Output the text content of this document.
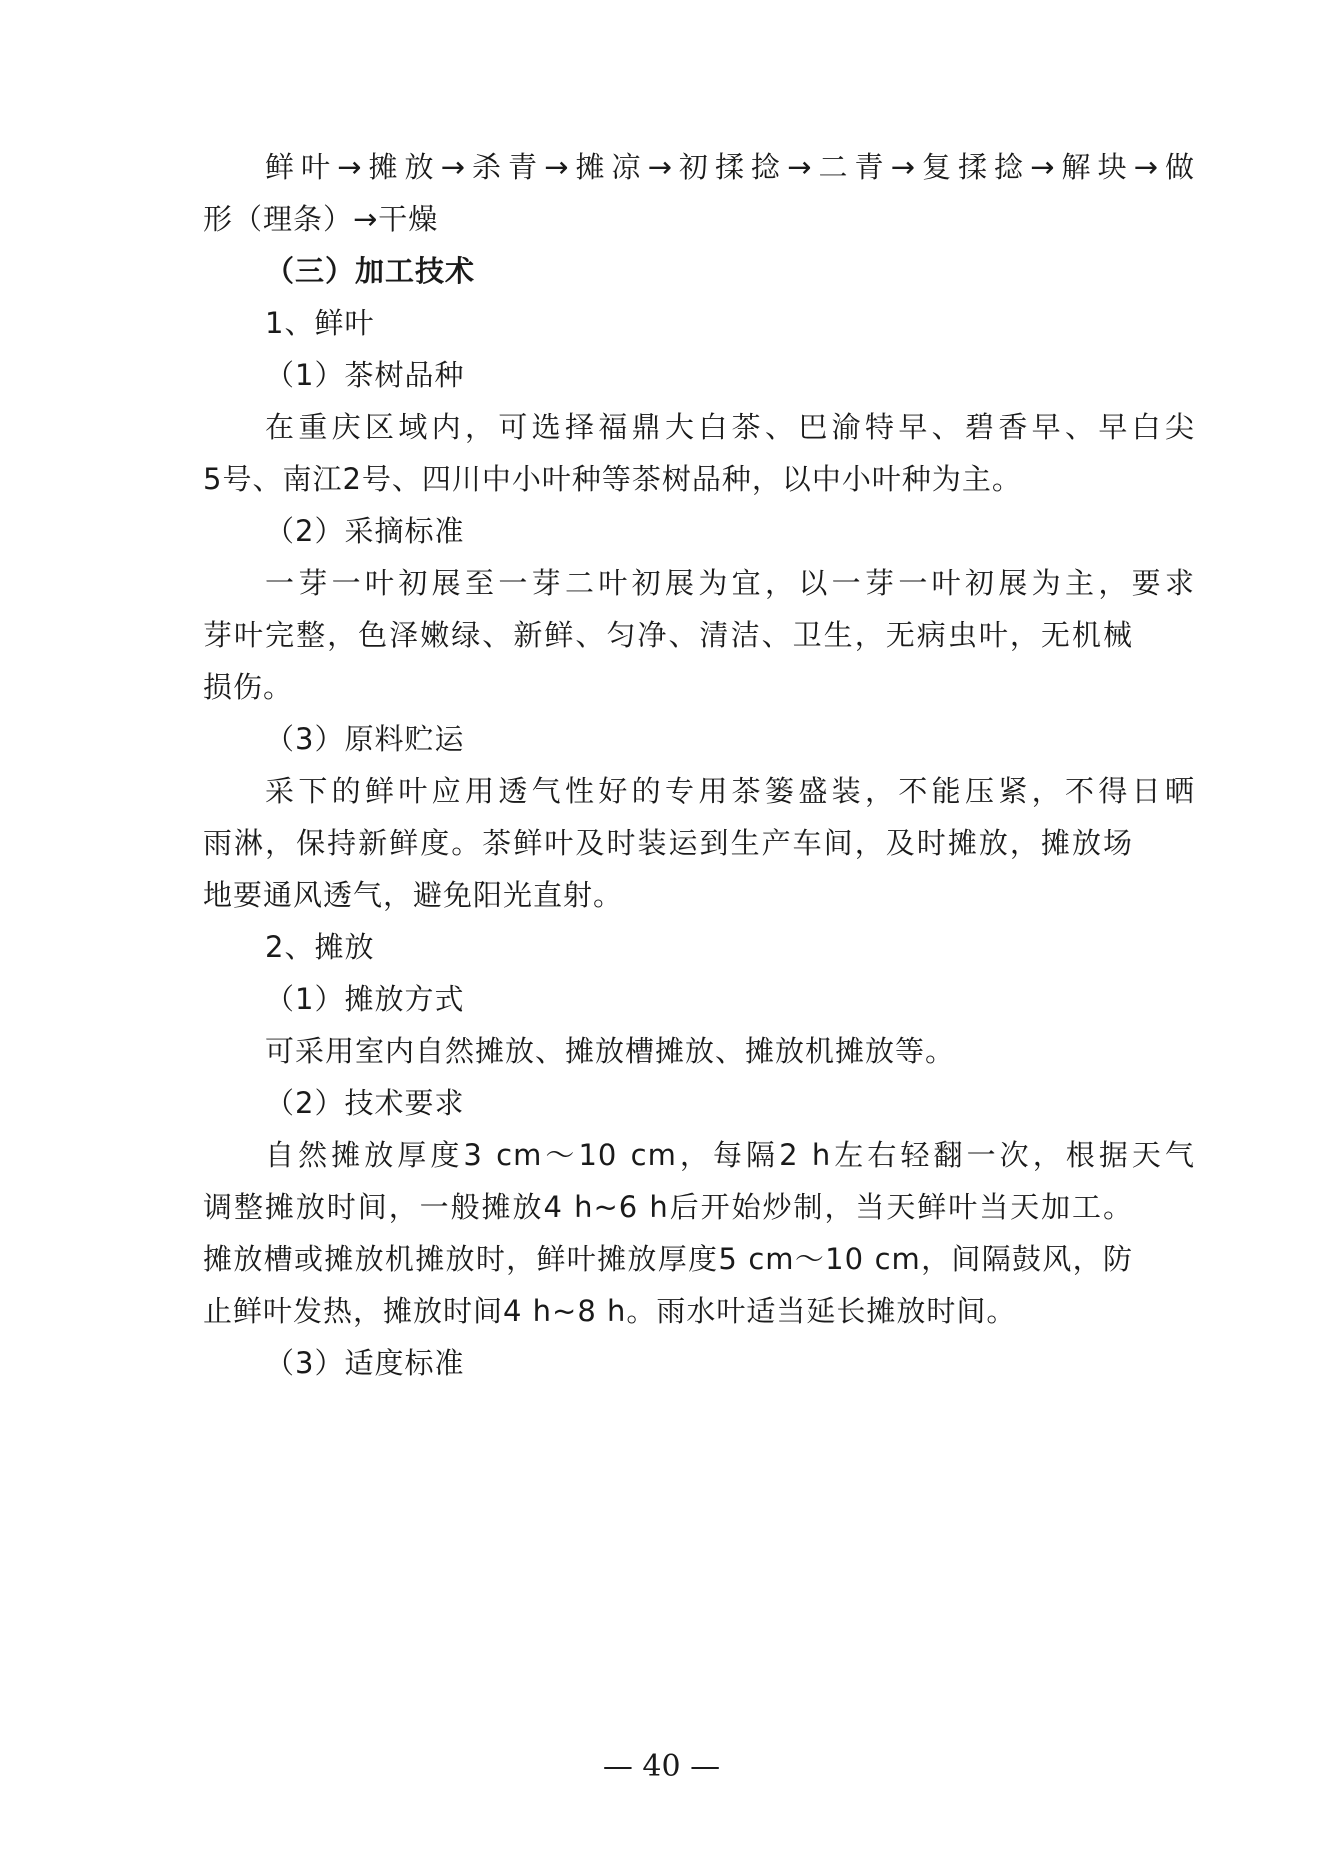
鲜叶→摊放→杀青→摊凉→初揉捻→二青→复揉捻→解块→做
形（理条）→干燥
（三）加工技术
1、鲜叶
（1）茶树品种
在重庆区域内，可选择福鼎大白茶、巴渝特早、碧香早、早白尖
5号、南江2号、四川中小叶种等茶树品种，以中小叶种为主。
（2）采摘标准
一芽一叶初展至一芽二叶初展为宜，以一芽一叶初展为主，要求
芽叶完整，色泽嫩绿、新鲜、匀净、清洁、卫生，无病虫叶，无机械
损伤。
（3）原料贮运
采下的鲜叶应用透气性好的专用茶篓盛装，不能压紧，不得日晒
雨淋，保持新鲜度。茶鲜叶及时装运到生产车间，及时摊放，摊放场
地要通风透气，避免阳光直射。
2、摊放
（1）摊放方式
可采用室内自然摊放、摊放槽摊放、摊放机摊放等。
（2）技术要求
自然摊放厚度3 cm～10 cm，每隔2 h左右轻翻一次，根据天气
调整摊放时间，一般摊放4 h~6 h后开始炒制，当天鲜叶当天加工。
摊放槽或摊放机摊放时，鲜叶摊放厚度5 cm～10 cm，间隔鼓风，防
止鲜叶发热，摊放时间4 h~8 h。雨水叶适当延长摊放时间。
（3）适度标准
— 40 —
